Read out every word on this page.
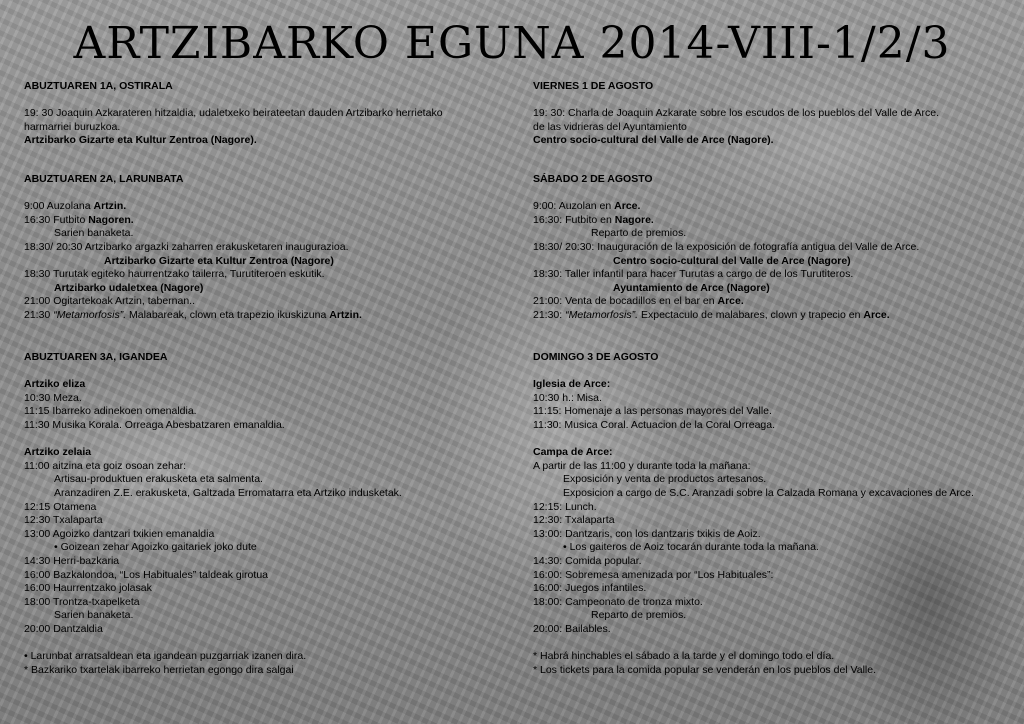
ARTZIBARKO EGUNA 2014-VIII-1/2/3
ABUZTUAREN 1A, OSTIRALA
19: 30 Joaquin Azkarateren hitzaldia, udaletxeko beirateetan dauden Artzibarko herrietako
harmarriei buruzkoa.
Artzibarko Gizarte eta Kultur Zentroa (Nagore).
ABUZTUAREN 2A, LARUNBATA
9:00 Auzolana Artzin.
16:30 Futbito Nagoren.
Sarien banaketa.
18:30/ 20:30 Artzibarko argazki zaharren erakusketaren inaugurazioa.
Artzibarko Gizarte eta Kultur Zentroa (Nagore)
18:30 Turutak egiteko haurrentzako tailerra, Turutiteroen eskutik.
Artzibarko udaletxea (Nagore)
21:00 Ogitartekoak Artzin, tabernan..
21:30 “Metamorfosis”. Malabareak, clown eta trapezio ikuskizuna Artzin.
ABUZTUAREN 3A, IGANDEA
Artziko eliza
10:30 Meza.
11:15 Ibarreko adinekoen omenaldia.
11:30 Musika Korala. Orreaga Abesbatzaren emanaldia.
Artziko zelaia
11:00 aitzina eta goiz osoan zehar:
Artisau-produktuen erakusketa eta salmenta.
Aranzadiren Z.E. erakusketa, Galtzada Erromatarra eta Artziko indusketak.
12:15 Otamena
12:30 Txalaparta
13:00 Agoizko dantzari txikien emanaldia
• Goizean zehar Agoizko gaitariek joko dute
14:30 Herri-bazkaria
16:00 Bazkalondoa, “Los Habituales” taldeak girotua
16:00 Haurrentzako jolasak
18:00 Trontza-txapelketa
Sarien banaketa.
20:00 Dantzaldia
• Larunbat arratsaldean eta igandean puzgarriak izanen dira.
* Bazkariko txartelak ibarreko herrietan egongo dira salgai
VIERNES 1 DE AGOSTO
19: 30: Charla de Joaquin Azkarate sobre los escudos de los pueblos del Valle de Arce.
de las vidrieras del Ayuntamiento
Centro socio-cultural del Valle de Arce (Nagore).
SÁBADO 2 DE AGOSTO
9:00: Auzolan en Arce.
16:30: Futbito en Nagore.
Reparto de premios.
18:30/ 20:30: Inauguración de la exposición de fotografía antigua del Valle de Arce.
Centro socio-cultural del Valle de Arce (Nagore)
18:30: Taller infantil para hacer Turutas a cargo de de los Turutiteros.
Ayuntamiento de Arce (Nagore)
21:00: Venta de bocadillos en el bar en Arce.
21:30: “Metamorfosis”. Expectaculo de malabares, clown y trapecio en Arce.
DOMINGO 3 DE AGOSTO
Iglesia de Arce:
10:30 h.: Misa.
11:15: Homenaje a las personas mayores del Valle.
11:30: Musica Coral. Actuacion de la Coral Orreaga.
Campa de Arce:
A partir de las 11:00 y durante toda la mañana:
Exposición y venta de productos artesanos.
Exposicion a cargo de S.C. Aranzadi sobre la Calzada Romana y excavaciones de Arce.
12:15: Lunch.
12:30: Txalaparta
13:00: Dantzaris, con los dantzaris txikis de Aoiz.
• Los gaiteros de Aoiz tocarán durante toda la mañana.
14:30: Comida popular.
16:00: Sobremesa amenizada por “Los Habituales”:
16:00: Juegos infantiles.
18:00: Campeonato de tronza mixto.
Reparto de premios.
20:00: Bailables.
* Habrá hinchables el sábado a la tarde y el domingo todo el día.
* Los tickets para la comida popular se venderán en los pueblos del Valle.
